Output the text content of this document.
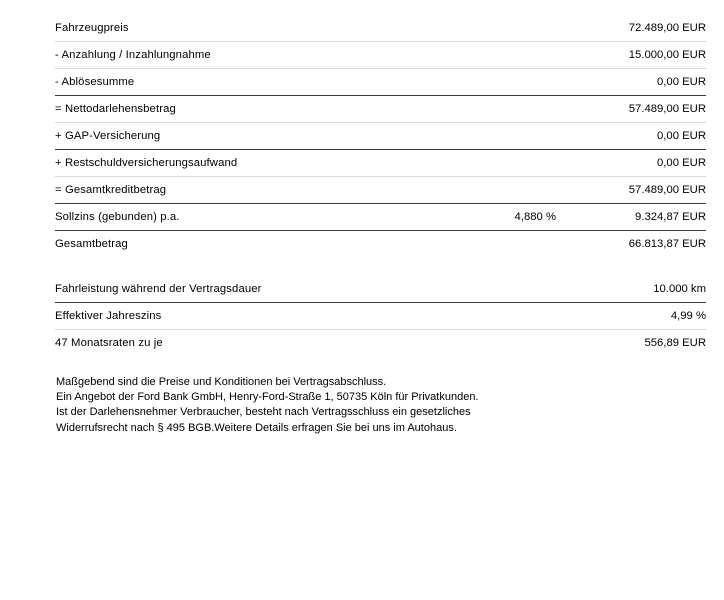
Fahrzeugpreis	72.489,00 EUR
- Anzahlung / Inzahlungnahme	15.000,00 EUR
- Ablösesumme	0,00 EUR
= Nettodarlehensbetrag	57.489,00 EUR
+ GAP-Versicherung	0,00 EUR
+ Restschuldversicherungsaufwand	0,00 EUR
= Gesamtkreditbetrag	57.489,00 EUR
Sollzins (gebunden) p.a.	4,880 %	9.324,87 EUR
Gesamtbetrag	66.813,87 EUR
Fahrleistung während der Vertragsdauer	10.000 km
Effektiver Jahreszins	4,99 %
47 Monatsraten zu je	556,89 EUR
Maßgebend sind die Preise und Konditionen bei Vertragsabschluss.
Ein Angebot der Ford Bank GmbH, Henry-Ford-Straße 1, 50735 Köln für Privatkunden.
Ist der Darlehensnehmer Verbraucher, besteht nach Vertragsschluss ein gesetzliches
Widerrufsrecht nach § 495 BGB.Weitere Details erfragen Sie bei uns im Autohaus.
